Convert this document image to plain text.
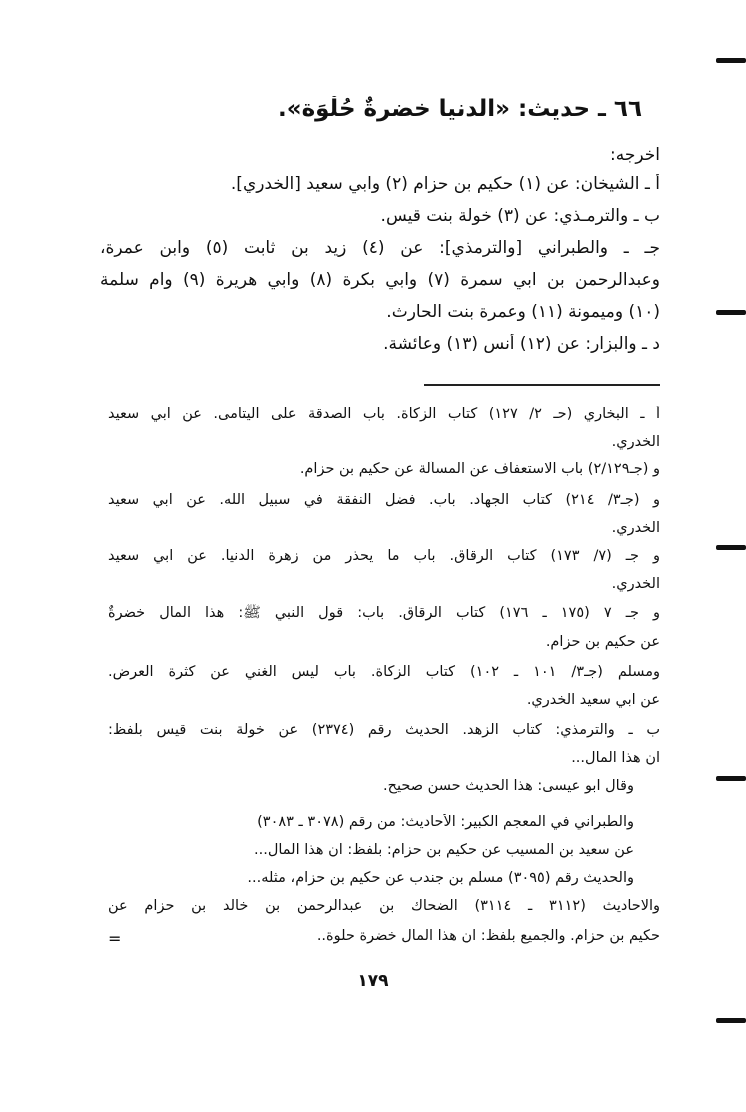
٦٦ ـ حديث: «الدنيا خضرةٌ حُلْوَة».
اخرجه:
أ ـ الشيخان: عن (١) حكيم بن حزام (٢) وابي سعيد [الخدري].
ب ـ والترمـذي: عن (٣) خولة بنت قيس.
جـ ـ والطبراني [والترمذي]: عن (٤) زيد بن ثابت (٥) وابن عمرة،
وعبدالرحمن بن ابي سمرة (٧) وابي بكرة (٨) وابي هريرة (٩) وام سلمة
(١٠) وميمونة (١١) وعمرة بنت الحارث.
د ـ والبزار: عن (١٢) أنس (١٣) وعائشة.
أ ـ البخاري (حـ ٢/ ١٢٧) كتاب الزكاة. باب الصدقة على اليتامى. عن ابي سعيد
الخدري.
و (جـ٢/١٢٩) باب الاستعفاف عن المسألة عن حكيم بن حزام.
و (جـ٣/ ٢١٤) كتاب الجهاد. باب. فضل النفقة في سبيل الله. عن ابي سعيد
الخدري.
و جـ (٧/ ١٧٣) كتاب الرقاق. باب ما يحذر من زهرة الدنيا. عن ابي سعيد
الخدري.
و جـ ٧ (١٧٥ ـ ١٧٦) كتاب الرقاق. باب: قول النبي ﷺ: هذا المال خضرةٌ
عن حكيم بن حزام.
ومسلم (جـ٣/ ١٠١ ـ ١٠٢) كتاب الزكاة. باب ليس الغني عن كثرة العرض.
عن ابي سعيد الخدري.
ب ـ والترمذي: كتاب الزهد. الحديث رقم (٢٣٧٤) عن خولة بنت قيس بلفظ:
ان هذا المال...
وقال ابو عيسى: هذا الحديث حسن صحيح.
والطبراني في المعجم الكبير: الأحاديث: من رقم (٣٠٧٨ ـ ٣٠٨٣)
عن سعيد بن المسيب عن حكيم بن حزام: بلفظ: ان هذا المال...
والحديث رقم (٣٠٩٥) مسلم بن جندب عن حكيم بن حزام، مثله...
والاحاديث (٣١١٢ ـ ٣١١٤) الضحاك بن عبدالرحمن بن خالد بن حزام عن
حكيم بن حزام. والجميع بلفظ: ان هذا المال خضرة حلوة..
=
١٧٩
